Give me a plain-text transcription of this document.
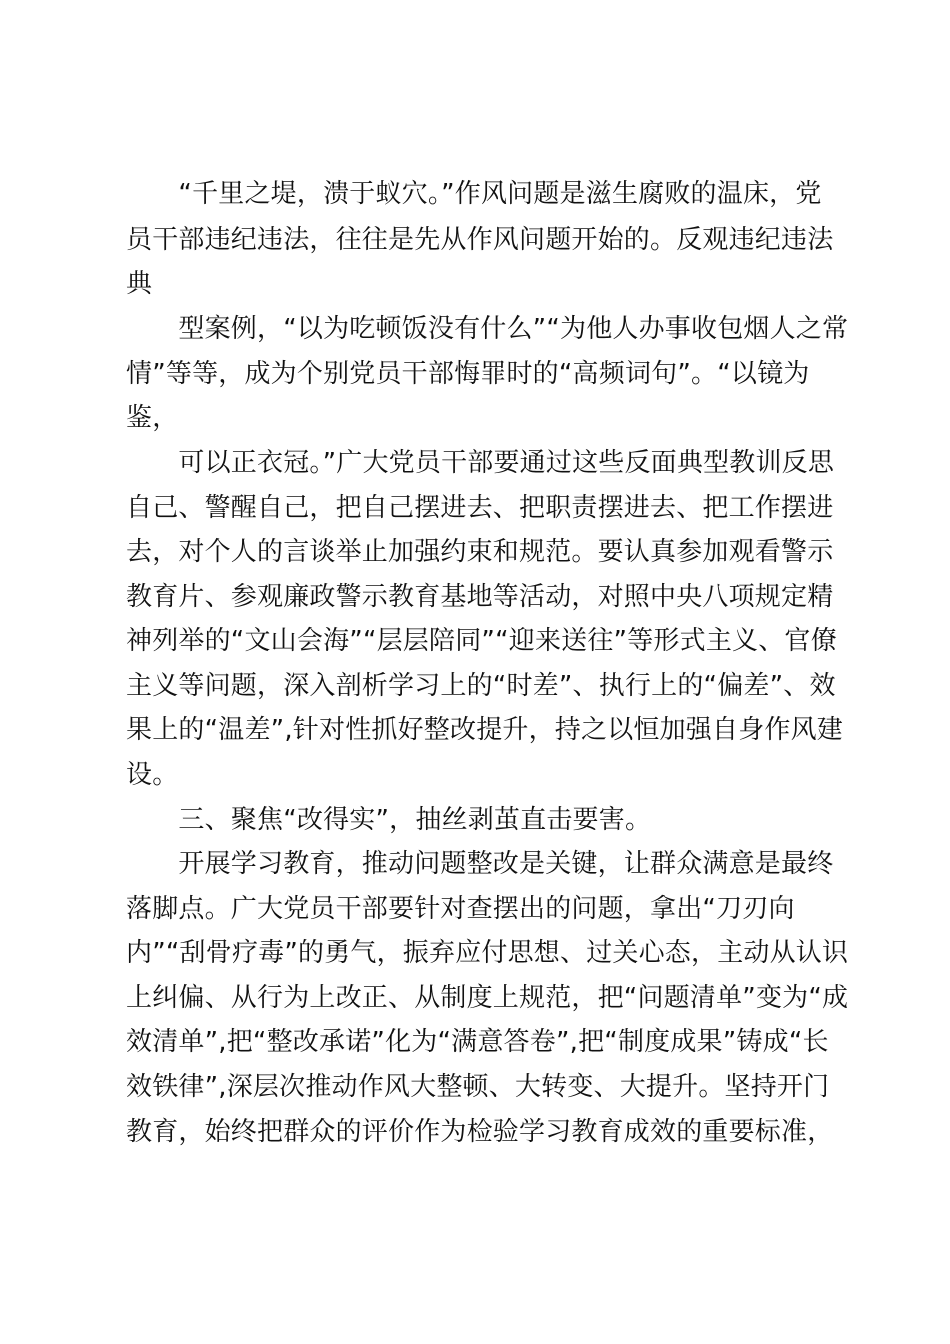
　　“千里之堤，溃于蚁穴。”作风问题是滋生腐败的温床，党
员干部违纪违法，往往是先从作风问题开始的。反观违纪违法
典
　　型案例，“以为吃顿饭没有什么”“为他人办事收包烟人之常
情”等等，成为个别党员干部悔罪时的“高频词句”。“以镜为
鉴，
　　可以正衣冠。”广大党员干部要通过这些反面典型教训反思
自己、警醒自己，把自己摆进去、把职责摆进去、把工作摆进
去，对个人的言谈举止加强约束和规范。要认真参加观看警示
教育片、参观廉政警示教育基地等活动，对照中央八项规定精
神列举的“文山会海”“层层陪同”“迎来送往”等形式主义、官僚
主义等问题，深入剖析学习上的“时差”、执行上的“偏差”、效
果上的“温差”,针对性抓好整改提升，持之以恒加强自身作风建
设。
　　三、聚焦“改得实”，抽丝剥茧直击要害。
　　开展学习教育，推动问题整改是关键，让群众满意是最终
落脚点。广大党员干部要针对查摆出的问题，拿出“刀刃向
内”“刮骨疗毒”的勇气，振弃应付思想、过关心态，主动从认识
上纠偏、从行为上改正、从制度上规范，把“问题清单”变为“成
效清单”,把“整改承诺”化为“满意答卷”,把“制度成果”铸成“长
效铁律”,深层次推动作风大整顿、大转变、大提升。坚持开门
教育，始终把群众的评价作为检验学习教育成效的重要标准，
